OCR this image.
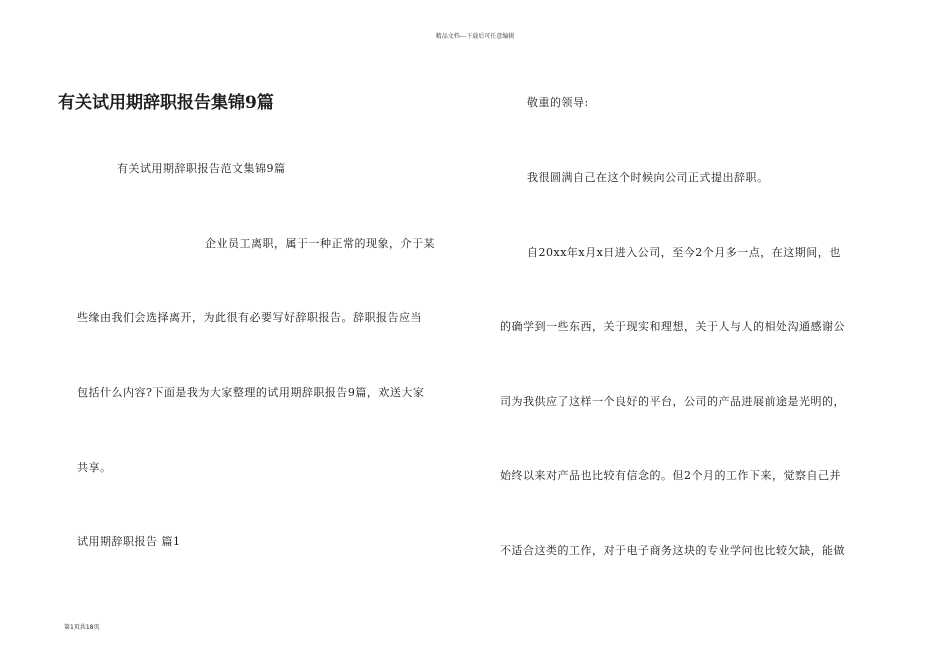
精品文档---下载后可任意编辑
有关试用期辞职报告集锦9篇
有关试用期辞职报告范文集锦9篇
企业员工离职，属于一种正常的现象，介于某
些缘由我们会选择离开，为此很有必要写好辞职报告。辞职报告应当
包括什么内容?下面是我为大家整理的试用期辞职报告9篇，欢送大家
共享。
试用期辞职报告 篇1
敬重的领导:
我很圆满自己在这个时候向公司正式提出辞职。
自20xx年x月x日进入公司，至今2个月多一点，在这期间，也
的确学到一些东西，关于现实和理想，关于人与人的相处沟通感谢公
司为我供应了这样一个良好的平台，公司的产品进展前途是光明的，
始终以来对产品也比较有信念的。但2个月的工作下来，觉察自己并
不适合这类的工作，对于电子商务这块的专业学问也比较欠缺，能做
第1页共18页
